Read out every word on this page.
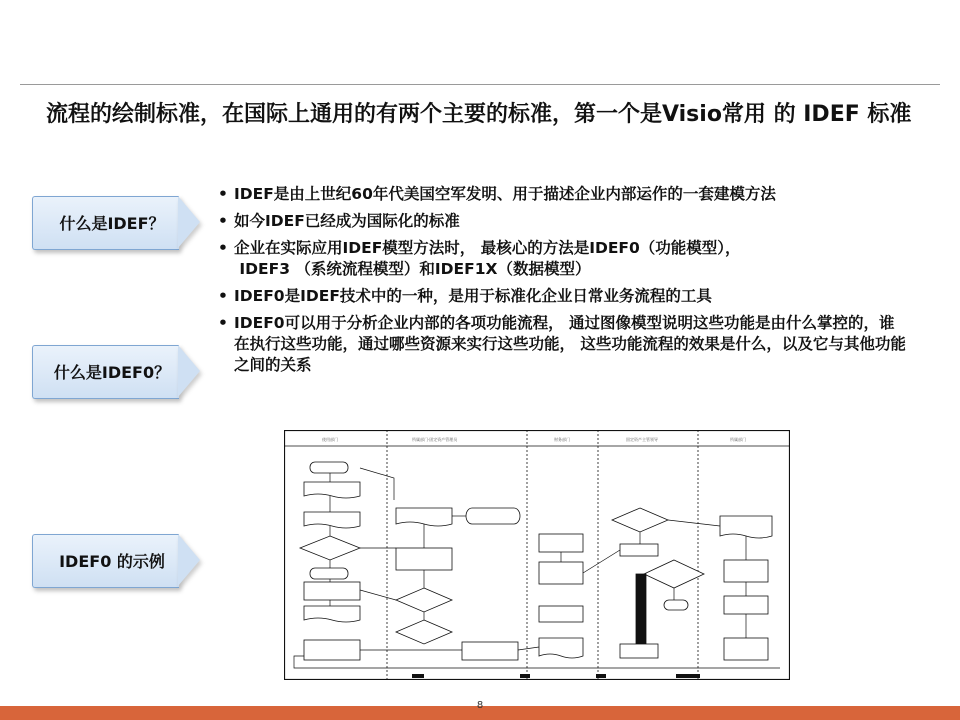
流程的绘制标准，在国际上通用的有两个主要的标准，第一个是Visio常用 的 IDEF 标准
什么是IDEF？
什么是IDEF0？
IDEF0 的示例
• IDEF是由上世纪60年代美国空军发明、用于描述企业内部运作的一套建模方法
• 如今IDEF已经成为国际化的标准
• 企业在实际应用IDEF模型方法时， 最核心的方法是IDEF0（功能模型），
IDEF3 （系统流程模型）和IDEF1X（数据模型）
• IDEF0是IDEF技术中的一种，是用于标准化企业日常业务流程的工具
• IDEF0可以用于分析企业内部的各项功能流程， 通过图像模型说明这些功能是由什么掌控的，谁在执行这些功能，通过哪些资源来实行这些功能， 这些功能流程的效果是什么，以及它与其他功能之间的关系
使用部门	所属部门·固定资产管理员	财务部门	固定资产主管领导	所属部门
8
